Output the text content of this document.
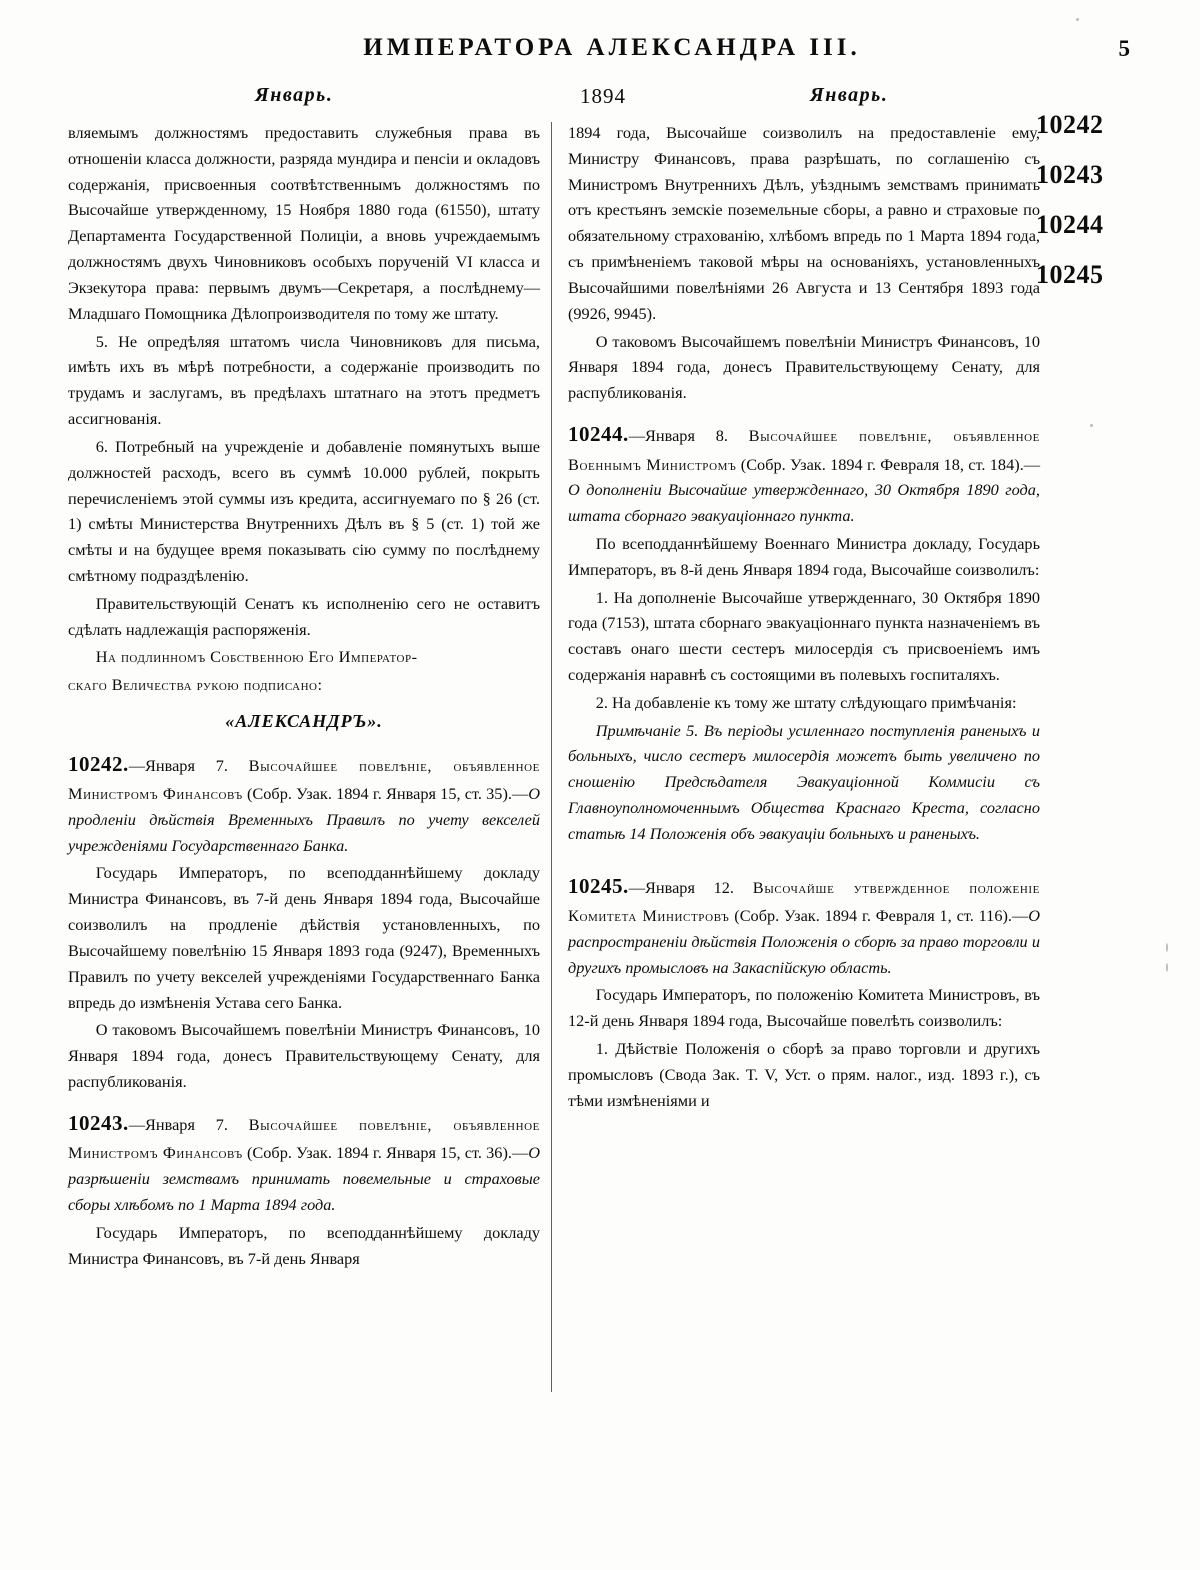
ИМПЕРАТОРА АЛЕКСАНДРА III.	5
Январь.	1894	Январь.

вляемымъ должностямъ предоставить служебныя права въ отношеніи класса должности, разряда мундира и пенсіи и окладовъ содержанія, присвоенныя соотвѣтственнымъ должностямъ по Высочайше утвержденному, 15 Ноября 1880 года (61550), штату Департамента Государственной Полиціи, а вновь учреждаемымъ должностямъ двухъ Чиновниковъ особыхъ порученій VI класса и Экзекутора права: первымъ двумъ—Секретаря, а послѣднему—Младшаго Помощника Дѣлопроизводителя по тому же штату.

5. Не опредѣляя штатомъ числа Чиновниковъ для письма, имѣть ихъ въ мѣрѣ потребности, а содержаніе производить по трудамъ и заслугамъ, въ предѣлахъ штатнаго на этотъ предметъ ассигнованія.

6. Потребный на учрежденіе и добавленіе помянутыхъ выше должностей расходъ, всего въ суммѣ 10.000 рублей, покрыть перечисленіемъ этой суммы изъ кредита, ассигнуемаго по § 26 (ст. 1) смѣты Министерства Внутреннихъ Дѣлъ въ § 5 (ст. 1) той же смѣты и на будущее время показывать сію сумму по послѣднему смѣтному подраздѣленію.

Правительствующій Сенатъ къ исполненію сего не оставитъ сдѣлать надлежащія распоряженія.

На подлинномъ Собственною Его Император-

скаго Величества рукою подписано:

«АЛЕКСАНДРЪ».

10242.—Января 7. Высочайшее повелѣніе, объявленное Министромъ Финансовъ (Собр. Узак. 1894 г. Января 15, ст. 35).—О продленіи дѣйствія Временныхъ Правилъ по учету векселей учрежденіями Государственнаго Банка.

Государь Императоръ, по всеподданнѣйшему докладу Министра Финансовъ, въ 7-й день Января 1894 года, Высочайше соизволилъ на продленіе дѣйствія установленныхъ, по Высочайшему повелѣнію 15 Января 1893 года (9247), Временныхъ Правилъ по учету векселей учрежденіями Государственнаго Банка впредь до измѣненія Устава сего Банка.

О таковомъ Высочайшемъ повелѣніи Министръ Финансовъ, 10 Января 1894 года, донесъ Правительствующему Сенату, для распубликованія.

10243.—Января 7. Высочайшее повелѣніе, объявленное Министромъ Финансовъ (Собр. Узак. 1894 г. Января 15, ст. 36).—О разрѣшеніи земствамъ принимать повемельные и страховые сборы хлѣбомъ по 1 Марта 1894 года.

Государь Императоръ, по всеподданнѣйшему докладу Министра Финансовъ, въ 7-й день Января

1894 года, Высочайше соизволилъ на предоставленіе ему, Министру Финансовъ, права разрѣшать, по соглашенію съ Министромъ Внутреннихъ Дѣлъ, уѣзднымъ земствамъ принимать отъ крестьянъ земскіе поземельные сборы, а равно и страховые по обязательному страхованію, хлѣбомъ впредь по 1 Марта 1894 года, съ примѣненіемъ таковой мѣры на основаніяхъ, установленныхъ Высочайшими повелѣніями 26 Августа и 13 Сентября 1893 года (9926, 9945).

О таковомъ Высочайшемъ повелѣніи Министръ Финансовъ, 10 Января 1894 года, донесъ Правительствующему Сенату, для распубликованія.

10244.—Января 8. Высочайшее повелѣніе, объявленное Военнымъ Министромъ (Собр. Узак. 1894 г. Февраля 18, ст. 184).—О дополненіи Высочайше утвержденнаго, 30 Октября 1890 года, штата сборнаго эвакуаціоннаго пункта.

По всеподданнѣйшему Военнаго Министра докладу, Государь Императоръ, въ 8-й день Января 1894 года, Высочайше соизволилъ:

1. На дополненіе Высочайше утвержденнаго, 30 Октября 1890 года (7153), штата сборнаго эвакуаціоннаго пункта назначеніемъ въ составъ онаго шести сестеръ милосердія съ присвоеніемъ имъ содержанія наравнѣ съ состоящими въ полевыхъ госпиталяхъ.

2. На добавленіе къ тому же штату слѣдующаго примѣчанія:

Примѣчаніе 5. Въ періоды усиленнаго поступленія раненыхъ и больныхъ, число сестеръ милосердія можетъ быть увеличено по сношенію Предсѣдателя Эвакуаціонной Коммисіи съ Главноуполномоченнымъ Общества Краснаго Креста, согласно статьѣ 14 Положенія объ эвакуаціи больныхъ и раненыхъ.

10245.—Января 12. Высочайше утвержденное положеніе Комитета Министровъ (Собр. Узак. 1894 г. Февраля 1, ст. 116).—О распространеніи дѣйствія Положенія о сборѣ за право торговли и другихъ промысловъ на Закаспійскую область.

Государь Императоръ, по положенію Комитета Министровъ, въ 12-й день Января 1894 года, Высочайше повелѣть соизволилъ:

1. Дѣйствіе Положенія о сборѣ за право торговли и другихъ промысловъ (Свода Зак. Т. V, Уст. о прям. налог., изд. 1893 г.), съ тѣми измѣненіями и

10242
10243
10244
10245
